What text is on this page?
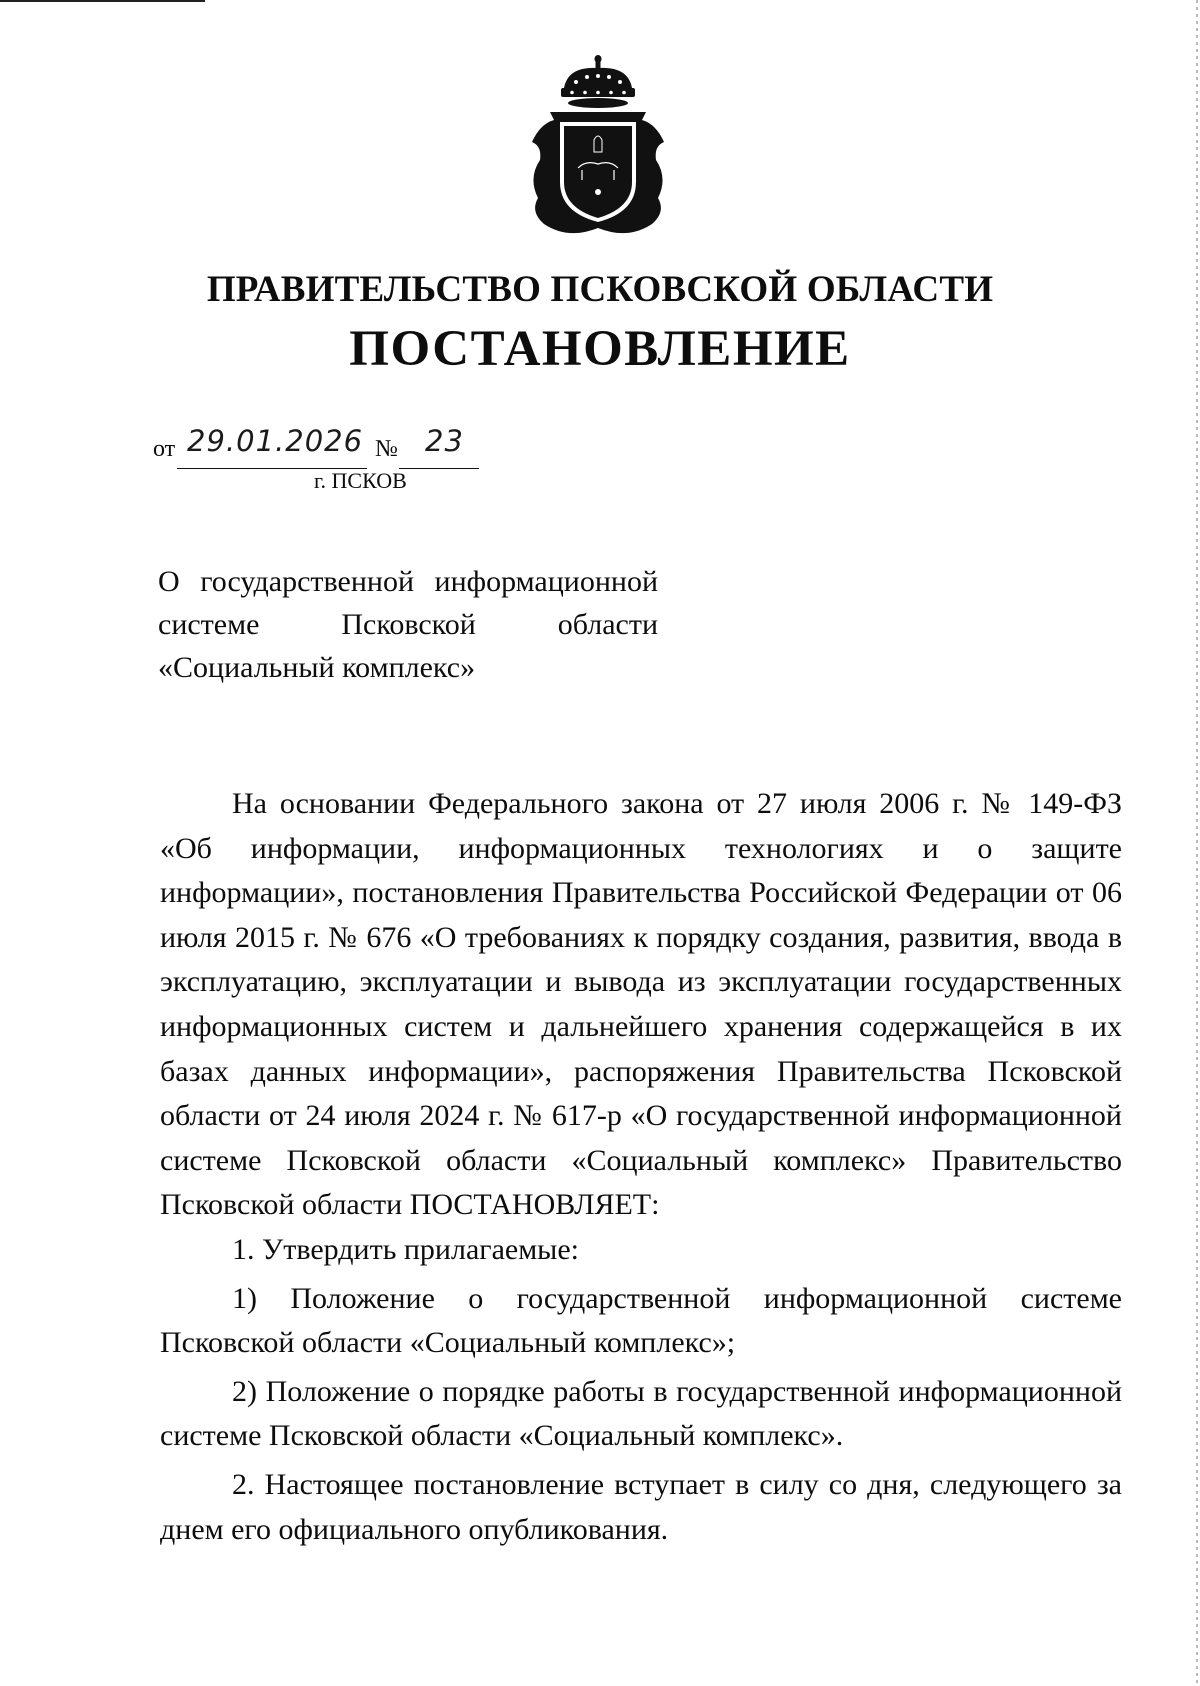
ПРАВИТЕЛЬСТВО ПСКОВСКОЙ ОБЛАСТИ
ПОСТАНОВЛЕНИЕ
от 29.01.2026 № 23
г. ПСКОВ
О государственной информационной
системе Псковской области
«Социальный комплекс»

На основании Федерального закона от 27 июля 2006 г. № 149-ФЗ «Об информации, информационных технологиях и о защите информации», постановления Правительства Российской Федерации от 06 июля 2015 г. № 676 «О требованиях к порядку создания, развития, ввода в эксплуатацию, эксплуатации и вывода из эксплуатации государственных информационных систем и дальнейшего хранения содержащейся в их базах данных информации», распоряжения Правительства Псковской области от 24 июля 2024 г. № 617-р «О государственной информационной системе Псковской области «Социальный комплекс» Правительство Псковской области ПОСТАНОВЛЯЕТ:

1. Утвердить прилагаемые:

1) Положение о государственной информационной системе Псковской области «Социальный комплекс»;

2) Положение о порядке работы в государственной информационной системе Псковской области «Социальный комплекс».

2. Настоящее постановление вступает в силу со дня, следующего за днем его официального опубликования.
